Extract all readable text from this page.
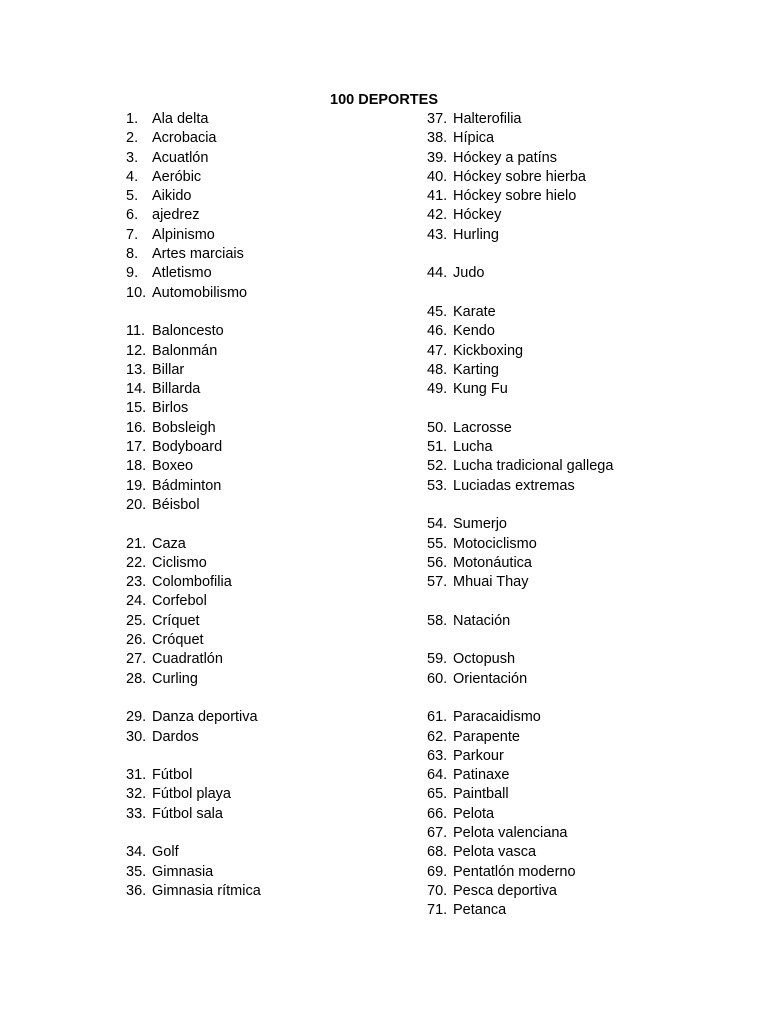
100 DEPORTES
1. Ala delta
2. Acrobacia
3. Acuatlón
4. Aeróbic
5. Aikido
6. ajedrez
7. Alpinismo
8. Artes marciais
9. Atletismo
10. Automobilismo
11. Baloncesto
12. Balonmán
13. Billar
14. Billarda
15. Birlos
16. Bobsleigh
17. Bodyboard
18. Boxeo
19. Bádminton
20. Béisbol
21. Caza
22. Ciclismo
23. Colombofilia
24. Corfebol
25. Críquet
26. Cróquet
27. Cuadratlón
28. Curling
29. Danza deportiva
30. Dardos
31. Fútbol
32. Fútbol playa
33. Fútbol sala
34. Golf
35. Gimnasia
36. Gimnasia rítmica
37. Halterofilia
38. Hípica
39. Hóckey a patíns
40. Hóckey sobre hierba
41. Hóckey sobre hielo
42. Hóckey
43. Hurling
44. Judo
45. Karate
46. Kendo
47. Kickboxing
48. Karting
49. Kung Fu
50. Lacrosse
51. Lucha
52. Lucha tradicional gallega
53. Luciadas extremas
54. Sumerjo
55. Motociclismo
56. Motonáutica
57. Mhuai Thay
58. Natación
59. Octopush
60. Orientación
61. Paracaidismo
62. Parapente
63. Parkour
64. Patinaxe
65. Paintball
66. Pelota
67. Pelota valenciana
68. Pelota vasca
69. Pentatlón moderno
70. Pesca deportiva
71. Petanca
